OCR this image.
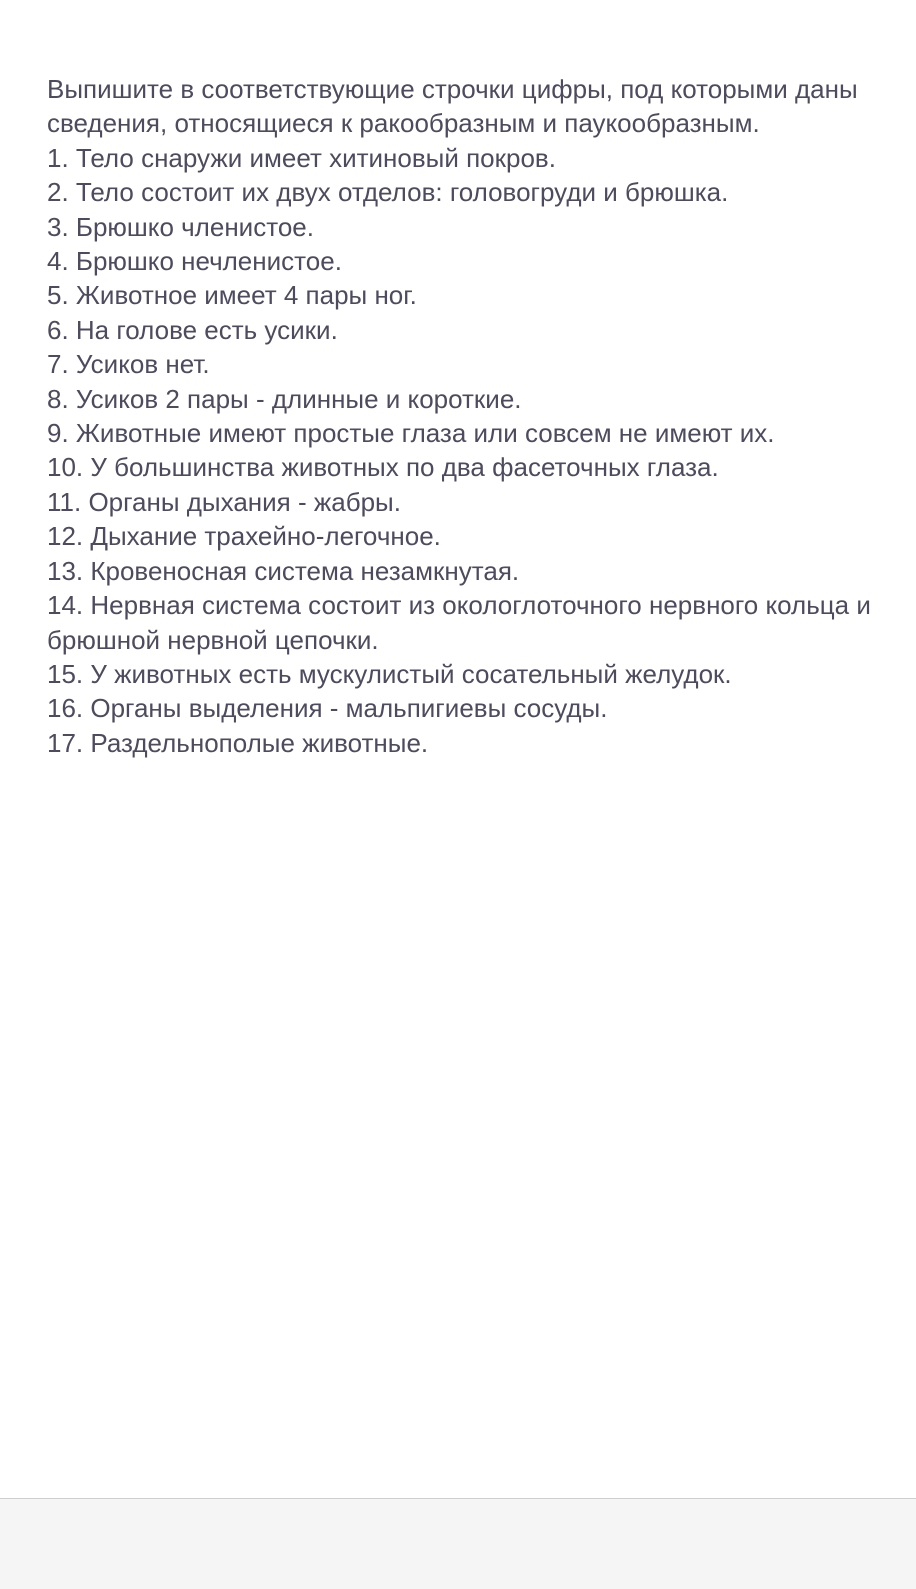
Выпишите в соответствующие строчки цифры, под которыми даны сведения, относящиеся к ракообразным и паукообразным.

1. Тело снаружи имеет хитиновый покров.
2. Тело состоит их двух отделов: головогруди и брюшка.
3. Брюшко членистое.
4. Брюшко нечленистое.
5. Животное имеет 4 пары ног.
6. На голове есть усики.
7. Усиков нет.
8. Усиков 2 пары - длинные и короткие.
9. Животные имеют простые глаза или совсем не имеют их.
10. У большинства животных по два фасеточных глаза.
11. Органы дыхания - жабры.
12. Дыхание трахейно-легочное.
13. Кровеносная система незамкнутая.
14. Нервная система состоит из окологлоточного нервного кольца и брюшной нервной цепочки.
15. У животных есть мускулистый сосательный желудок.
16. Органы выделения - мальпигиевы сосуды.
17. Раздельнополые животные.
